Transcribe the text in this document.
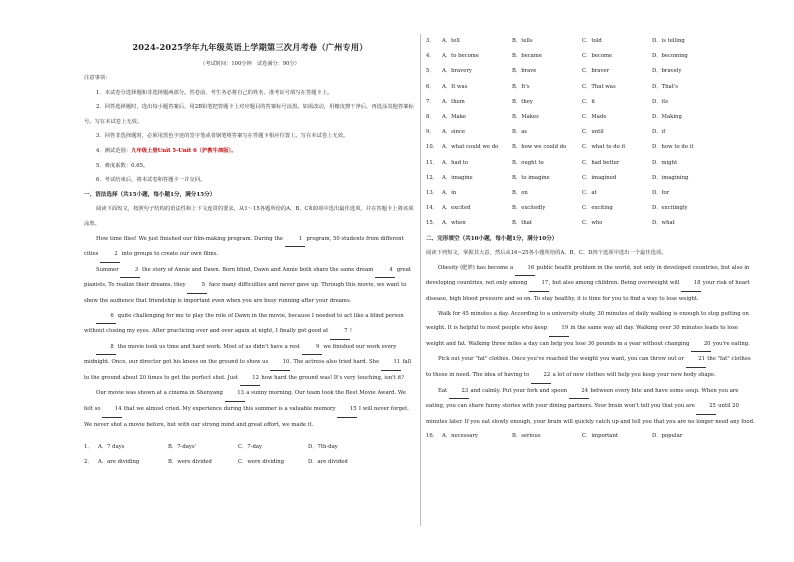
2024-2025学年九年级英语上学期第三次月考卷（广州专用）
（考试时间：100分钟　试卷满分：90分）

注意事项：

1．本试卷分选择题和非选择题两部分。答卷前，考生务必将自己的姓名、准考证号填写在答题卡上。

2．回答选择题时，选出每小题答案后，用2B铅笔把答题卡上对应题目的答案标号涂黑。如需改动，用橡皮擦干净后，再选涂其他答案标号。写在本试卷上无效。

3．回答非选择题时，必须用黑色字迹的签字笔或者钢笔将答案写在答题卡相应位置上。写在本试卷上无效。

4．测试范围：九年级上册Unit 5-Unit 6（沪教牛津版）。

5．难度系数：0.65。

6．考试结束后，将本试卷和答题卡一并交回。

一、语法选择（共15小题，每小题1分，满分15分）

阅读下面短文，按照句子结构的语法性和上下文连贯的要求，从1～15各题所给的A、B、C和D项中选出最佳选项，并在答题卡上将该项涂黑。

How time flies! We just finished our film-making program. During the	1 program, 50 students from different cities	2 into groups to create our own films.

Summer	3 the story of Annie and Dawn. Born blind, Dawn and Annie both share the same dream	4 great pianists. To realize their dreams, they	5 face many difficulties and never gave up. Through this movie, we want to show the audience that friendship is important even when you are busy running after your dreams.

6 quite challenging for me to play the role of Dawn in the movie, because I needed to act like a blind person without closing my eyes. After practicing over and over again at night, I finally got good at	7 !

8 the movie took us time and hard work. Most of us didn't have a rest	9 we finished our work every midnight. Once, our director got his knees on the ground to show us 10. The actress also tried hard. She 11 fall to the ground about 20 times to get the perfect shot. Just 12 how hard the ground was! It's very touching, isn't it?

Our movie was shown at a cinema in Shenyang 13 a sunny morning. Our team took the Best Movie Award. We felt so 14 that we almost cried. My experience during this summer is a valuable memory 15 I will never forget. We never shot a movie before, but with our strong mind and great effort, we made it.

1．	A．7 days	B．7-days'	C．7-day	D．7th-day
2．	A．are dividing	B．were divided	C．were dividing	D．are divided
3．	A．tell	B．tells	C．told	D．is telling
4．	A．to become	B．became	C．become	D．becoming
5．	A．bravery	B．brave	C．braver	D．bravely
6．	A．It was	B．It's	C．That was	D．That's
7．	A．them	B．they	C．it	D．its
8．	A．Make	B．Makes	C．Made	D．Making
9．	A．since	B．as	C．until	D．if
10． A．what could we do	B．how we could do	C．what to do it	D．how to do it
11． A．had to	B．ought to	C．had better	D．might
12． A．imagine	B．to imagine	C．imagined	D．imagining
13． A．in	B．on	C．at	D．for
14． A．excited	B．excitedly	C．exciting	D．excitingly
15． A．when	B．that	C．who	D．what
二、完形填空（共10小题，每小题1分，满分10分）

阅读下列短文，掌握其大意，然后从16~25各小题所给的A、B、C、D四个选项中选出一个最佳选项。

Obesity (肥胖) has become a 16 public health problem in the world, not only in developed countries, but also in developing countries, not only among 17, but also among children. Being overweight will 18 your risk of heart disease, high blood pressure and so on. To stay healthy, it is time for you to find a way to lose weight.

Walk for 45 minutes a day. According to a university study, 30 minutes of daily walking is enough to stop putting on weight. It is helpful to most people who keep 19 in the same way all day. Walking over 30 minutes leads to lose weight and fat. Walking three miles a day can help you lose 30 pounds in a year without changing 20 you're eating.

Pick out your "fat" clothes. Once you've reached the weight you want, you can throw out or 21 the "fat" clothes to those in need. The idea of having to 22 a lot of new clothes will help you keep your new body shape.

Eat 23 and calmly. Put your fork and spoon 24 between every bite and have some soup. When you are eating, you can share funny stories with your dining partners. Your brain won't tell you that you are 25 until 20 minutes later. If you eat slowly enough, your brain will quickly catch up and tell you that you are no longer need any food.

16． A．necessary	B．serious	C．important	D．popular
